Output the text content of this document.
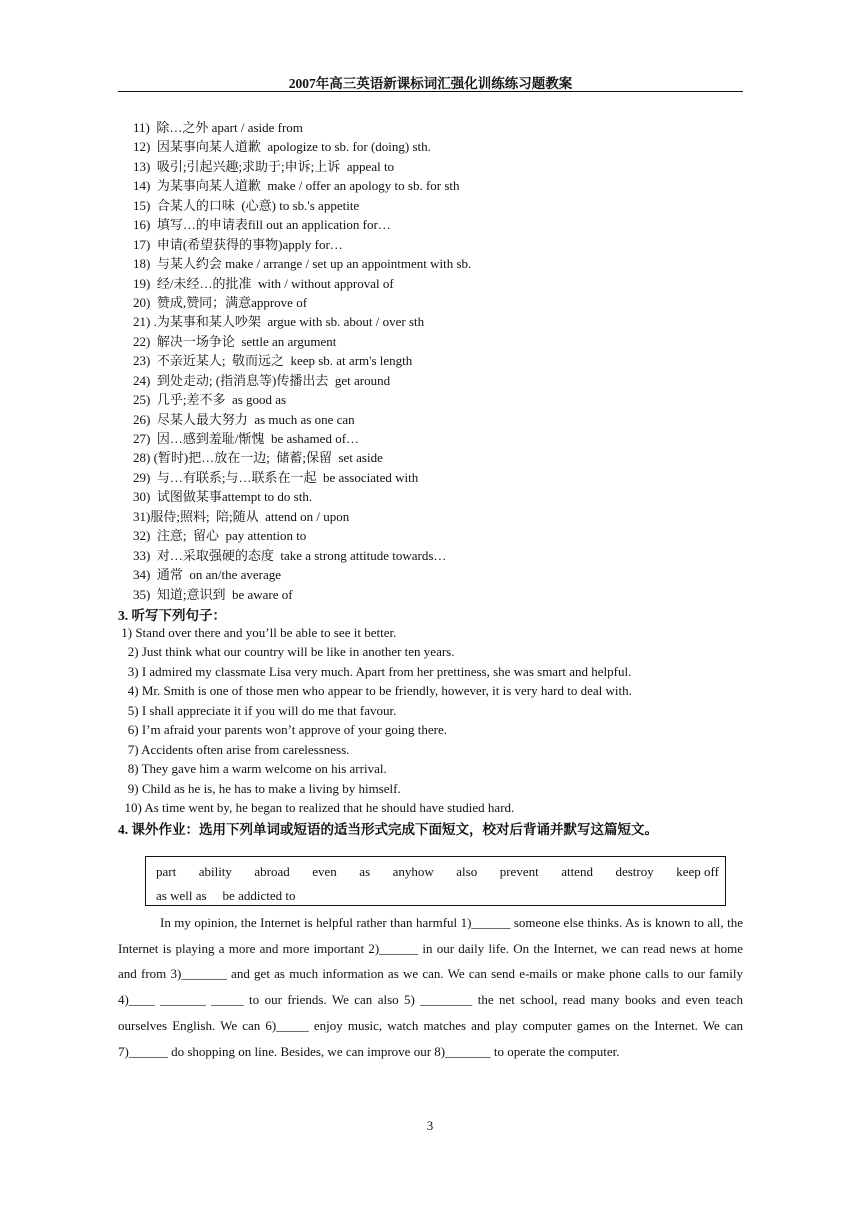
2007年高三英语新课标词汇强化训练练习题教案
11)  除…之外 apart / aside from
12)  因某事向某人道歉  apologize to sb. for (doing) sth.
13)  吸引;引起兴趣;求助于;申诉;上诉  appeal to
14)  为某事向某人道歉  make / offer an apology to sb. for sth
15)  合某人的口味  (心意) to sb.'s appetite
16)  填写…的申请表fill out an application for…
17)  申请(希望获得的事物)apply for…
18)  与某人约会 make / arrange / set up an appointment with sb.
19)  经/未经…的批准  with / without approval of
20)  赞成,赞同；满意approve of
21) .为某事和某人吵架  argue with sb. about / over sth
22)  解决一场争论  settle an argument
23)  不亲近某人;  敬而远之  keep sb. at arm's length
24)  到处走动; (指消息等)传播出去  get around
25)  几乎;差不多  as good as
26)  尽某人最大努力  as much as one can
27)  因…感到羞耻/惭愧  be ashamed of…
28) (暂时)把…放在一边;  储蓄;保留  set aside
29)  与…有联系;与…联系在一起  be associated with
30)  试图做某事attempt to do sth.
31)服侍;照料;  陪;随从  attend on / upon
32)  注意;  留心  pay attention to
33)  对…采取强硬的态度  take a strong attitude towards…
34)  通常  on an/the average
35)  知道;意识到  be aware of
3. 听写下列句子：
1) Stand over there and you’ll be able to see it better.
2) Just think what our country will be like in another ten years.
3) I admired my classmate Lisa very much. Apart from her prettiness, she was smart and helpful.
4) Mr. Smith is one of those men who appear to be friendly, however, it is very hard to deal with.
5) I shall appreciate it if you will do me that favour.
6) I’m afraid your parents won’t approve of your going there.
7) Accidents often arise from carelessness.
8) They gave him a warm welcome on his arrival.
9) Child as he is, he has to make a living by himself.
10) As time went by, he began to realized that he should have studied hard.
4. 课外作业：选用下列单词或短语的适当形式完成下面短文，校对后背诵并默写这篇短文。
part ability abroad even as anyhow also prevent attend destroy keep off
as well as be addicted to
In my opinion, the Internet is helpful rather than harmful 1)______ someone else thinks. As is known to all, the Internet is playing a more and more important 2)______ in our daily life. On the Internet, we can read news at home and from 3)_______ and get as much information as we can. We can send e-mails or make phone calls to our family 4)____ _______ _____ to our friends. We can also 5) ________ the net school, read many books and even teach ourselves English. We can 6)_____ enjoy music, watch matches and play computer games on the Internet. We can 7)______ do shopping on line. Besides, we can improve our 8)_______ to operate the computer.
3
